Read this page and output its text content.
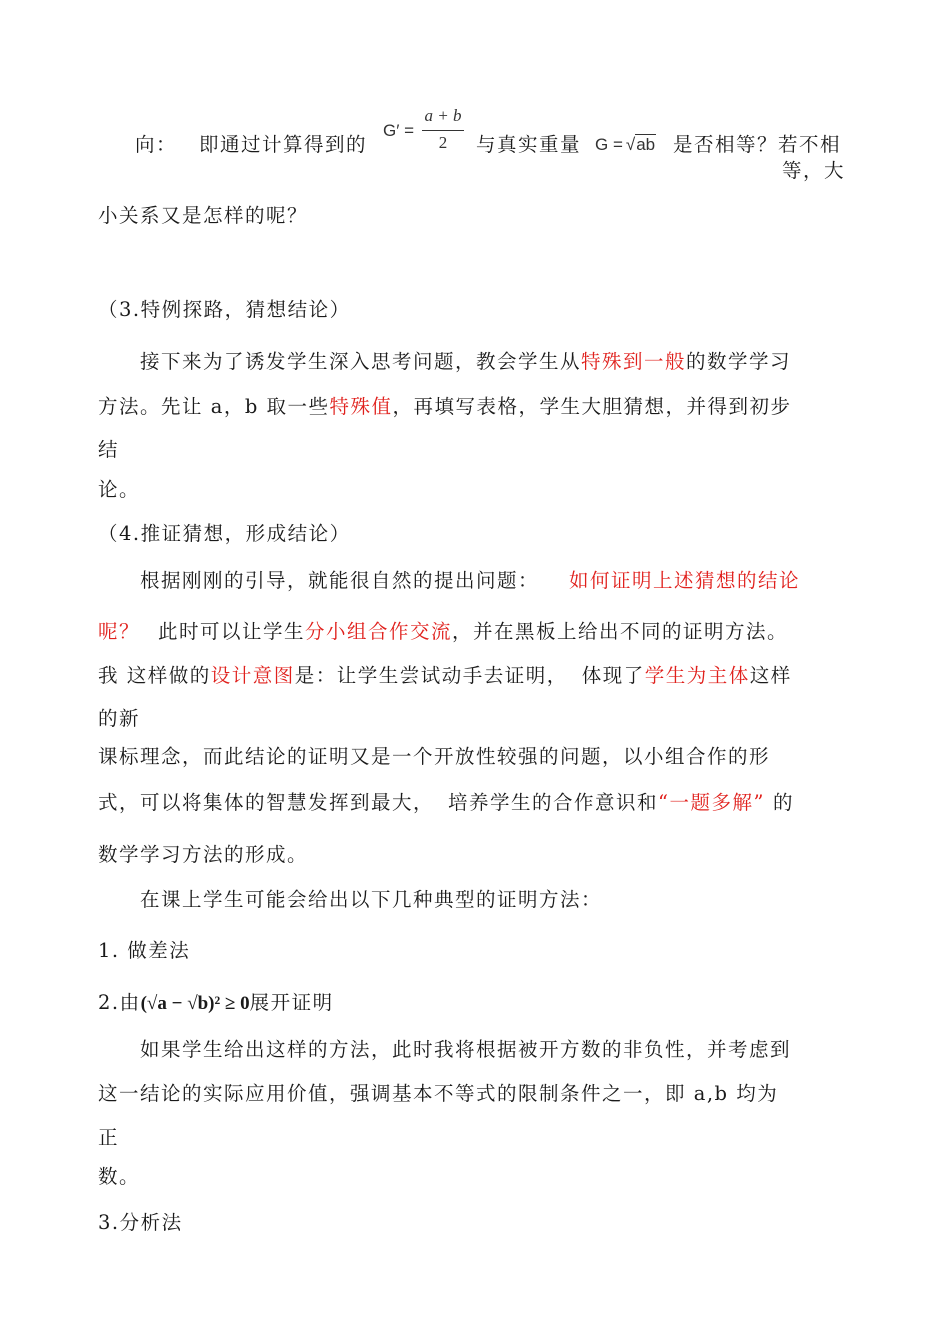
向： 即通过计算得到的
G′ =
a + b
2	与真实重量 G = √ab 是否相等？若不相
等，大
小关系又是怎样的呢？
（3.特例探路，猜想结论）
接下来为了诱发学生深入思考问题，教会学生从特殊到一般的数学学习
方法。先让 a，b 取一些特殊值，再填写表格，学生大胆猜想，并得到初步
结
论。
（4.推证猜想，形成结论）
根据刚刚的引导，就能很自然的提出问题： 如何证明上述猜想的结论
呢？ 此时可以让学生分小组合作交流，并在黑板上给出不同的证明方法。
我 这样做的设计意图是：让学生尝试动手去证明， 体现了学生为主体这样
的新
课标理念，而此结论的证明又是一个开放性较强的问题，以小组合作的形
式，可以将集体的智慧发挥到最大， 培养学生的合作意识和“一题多解” 的
数学学习方法的形成。
在课上学生可能会给出以下几种典型的证明方法：
1. 做差法
2.由(√a − √b)² ≥ 0展开证明
如果学生给出这样的方法，此时我将根据被开方数的非负性，并考虑到
这一结论的实际应用价值，强调基本不等式的限制条件之一，即 a,b 均为
正
数。
3.分析法
